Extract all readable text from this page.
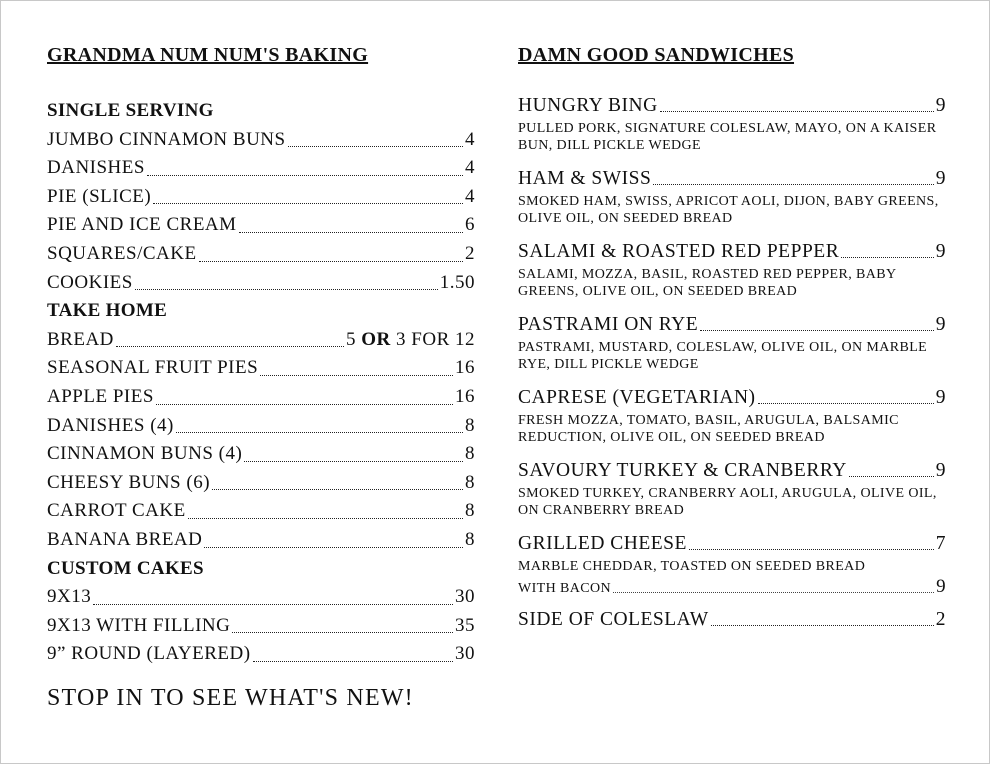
GRANDMA NUM NUM'S BAKING
SINGLE SERVING
JUMBO CINNAMON BUNS	4
DANISHES	4
PIE (SLICE)	4
PIE AND ICE CREAM	6
SQUARES/CAKE	2
COOKIES	1.50
TAKE HOME
BREAD	5 OR 3 FOR 12
SEASONAL FRUIT PIES	16
APPLE PIES	16
DANISHES (4)	8
CINNAMON BUNS (4)	8
CHEESY BUNS (6)	8
CARROT CAKE	8
BANANA BREAD	8
CUSTOM CAKES
9X13	30
9X13 WITH FILLING	35
9” ROUND (LAYERED)	30
STOP IN TO SEE WHAT'S NEW!
DAMN GOOD SANDWICHES
HUNGRY BING	9
PULLED PORK, SIGNATURE COLESLAW, MAYO, ON A KAISER BUN, DILL PICKLE WEDGE
HAM & SWISS	9
SMOKED HAM, SWISS, APRICOT AOLI, DIJON, BABY GREENS, OLIVE OIL, ON SEEDED BREAD
SALAMI & ROASTED RED PEPPER	9
SALAMI, MOZZA, BASIL, ROASTED RED PEPPER, BABY GREENS, OLIVE OIL, ON SEEDED BREAD
PASTRAMI ON RYE	9
PASTRAMI, MUSTARD, COLESLAW, OLIVE OIL, ON MARBLE RYE, DILL PICKLE WEDGE
CAPRESE (VEGETARIAN)	9
FRESH MOZZA, TOMATO, BASIL, ARUGULA, BALSAMIC REDUCTION, OLIVE OIL, ON SEEDED BREAD
SAVOURY TURKEY & CRANBERRY	9
SMOKED TURKEY, CRANBERRY AOLI, ARUGULA, OLIVE OIL, ON CRANBERRY BREAD
GRILLED CHEESE	7
MARBLE CHEDDAR, TOASTED ON SEEDED BREAD
WITH BACON	9
SIDE OF COLESLAW	2
